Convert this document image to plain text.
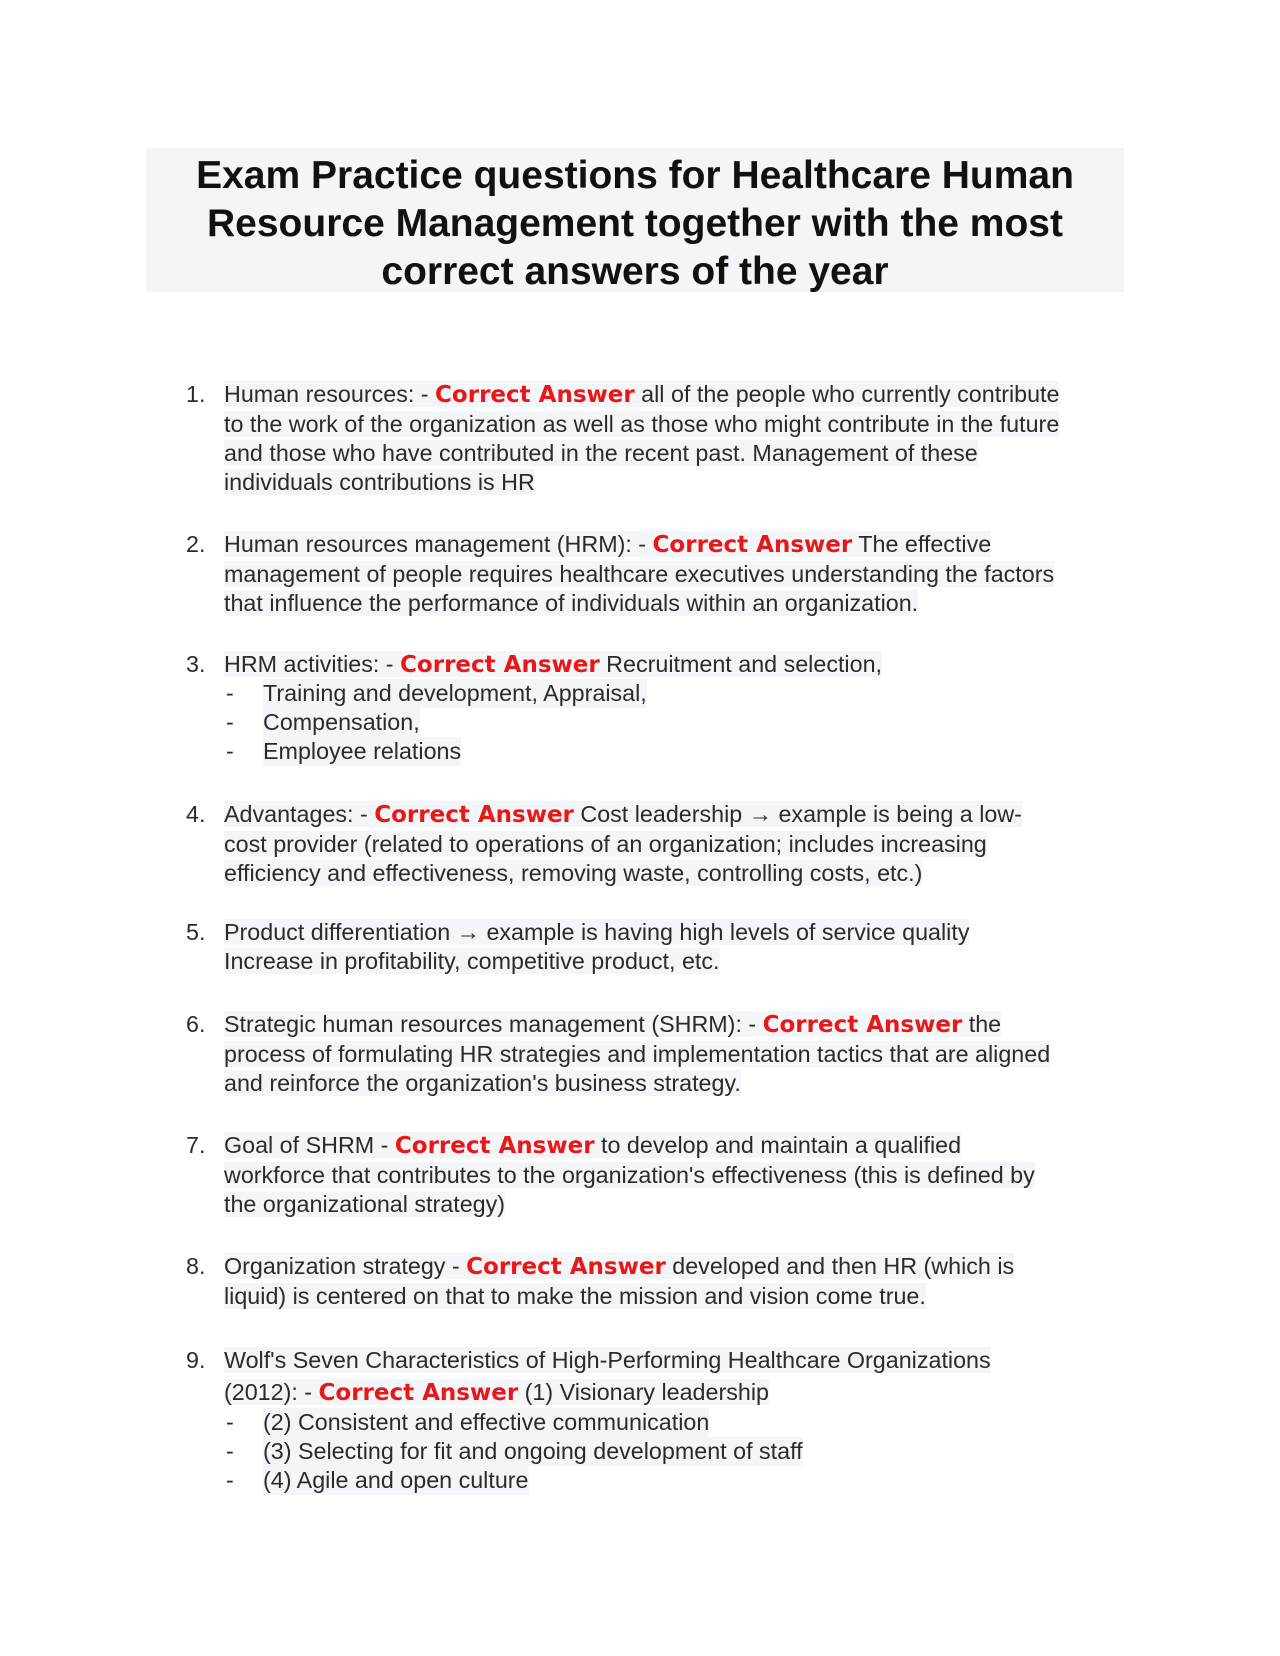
Exam Practice questions for Healthcare Human
Resource Management together with the most
correct answers of the year
1. Human resources: - Correct Answer all of the people who currently contribute
to the work of the organization as well as those who might contribute in the future
and those who have contributed in the recent past. Management of these
individuals contributions is HR
2. Human resources management (HRM): - Correct Answer The effective
management of people requires healthcare executives understanding the factors
that influence the performance of individuals within an organization.
3. HRM activities: - Correct Answer Recruitment and selection,
- Training and development, Appraisal,
- Compensation,
- Employee relations
4. Advantages: - Correct Answer Cost leadership → example is being a low-
cost provider (related to operations of an organization; includes increasing
efficiency and effectiveness, removing waste, controlling costs, etc.)
5. Product differentiation → example is having high levels of service quality
Increase in profitability, competitive product, etc.
6. Strategic human resources management (SHRM): - Correct Answer the
process of formulating HR strategies and implementation tactics that are aligned
and reinforce the organization's business strategy.
7. Goal of SHRM - Correct Answer to develop and maintain a qualified
workforce that contributes to the organization's effectiveness (this is defined by
the organizational strategy)
8. Organization strategy - Correct Answer developed and then HR (which is
liquid) is centered on that to make the mission and vision come true.
9. Wolf's Seven Characteristics of High-Performing Healthcare Organizations
(2012): - Correct Answer (1) Visionary leadership
- (2) Consistent and effective communication
- (3) Selecting for fit and ongoing development of staff
- (4) Agile and open culture
